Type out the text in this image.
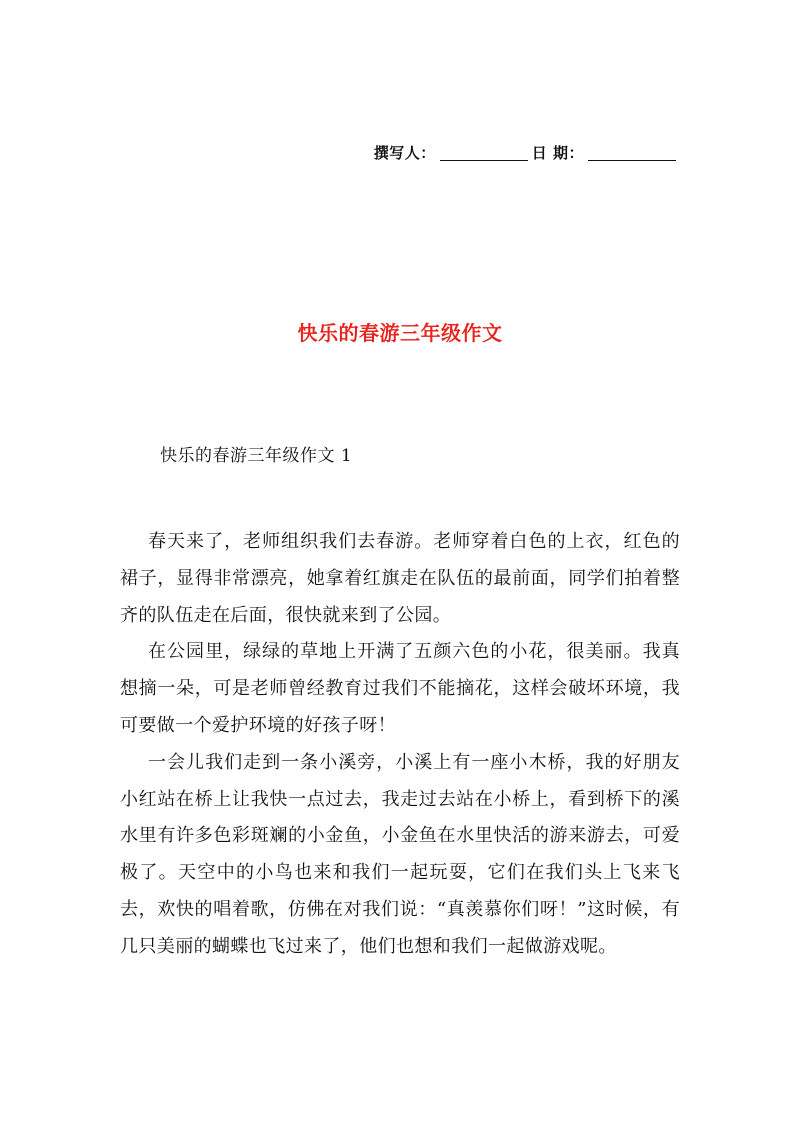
撰写人：	日 期：
快乐的春游三年级作文
快乐的春游三年级作文 1

春天来了，老师组织我们去春游。老师穿着白色的上衣，红色的裙子，显得非常漂亮，她拿着红旗走在队伍的最前面，同学们拍着整齐的队伍走在后面，很快就来到了公园。

在公园里，绿绿的草地上开满了五颜六色的小花，很美丽。我真想摘一朵，可是老师曾经教育过我们不能摘花，这样会破坏环境，我可要做一个爱护环境的好孩子呀！

一会儿我们走到一条小溪旁，小溪上有一座小木桥，我的好朋友小红站在桥上让我快一点过去，我走过去站在小桥上，看到桥下的溪水里有许多色彩斑斓的小金鱼，小金鱼在水里快活的游来游去，可爱极了。天空中的小鸟也来和我们一起玩耍，它们在我们头上飞来飞去，欢快的唱着歌，仿佛在对我们说：“真羡慕你们呀！”这时候，有几只美丽的蝴蝶也飞过来了，他们也想和我们一起做游戏呢。
